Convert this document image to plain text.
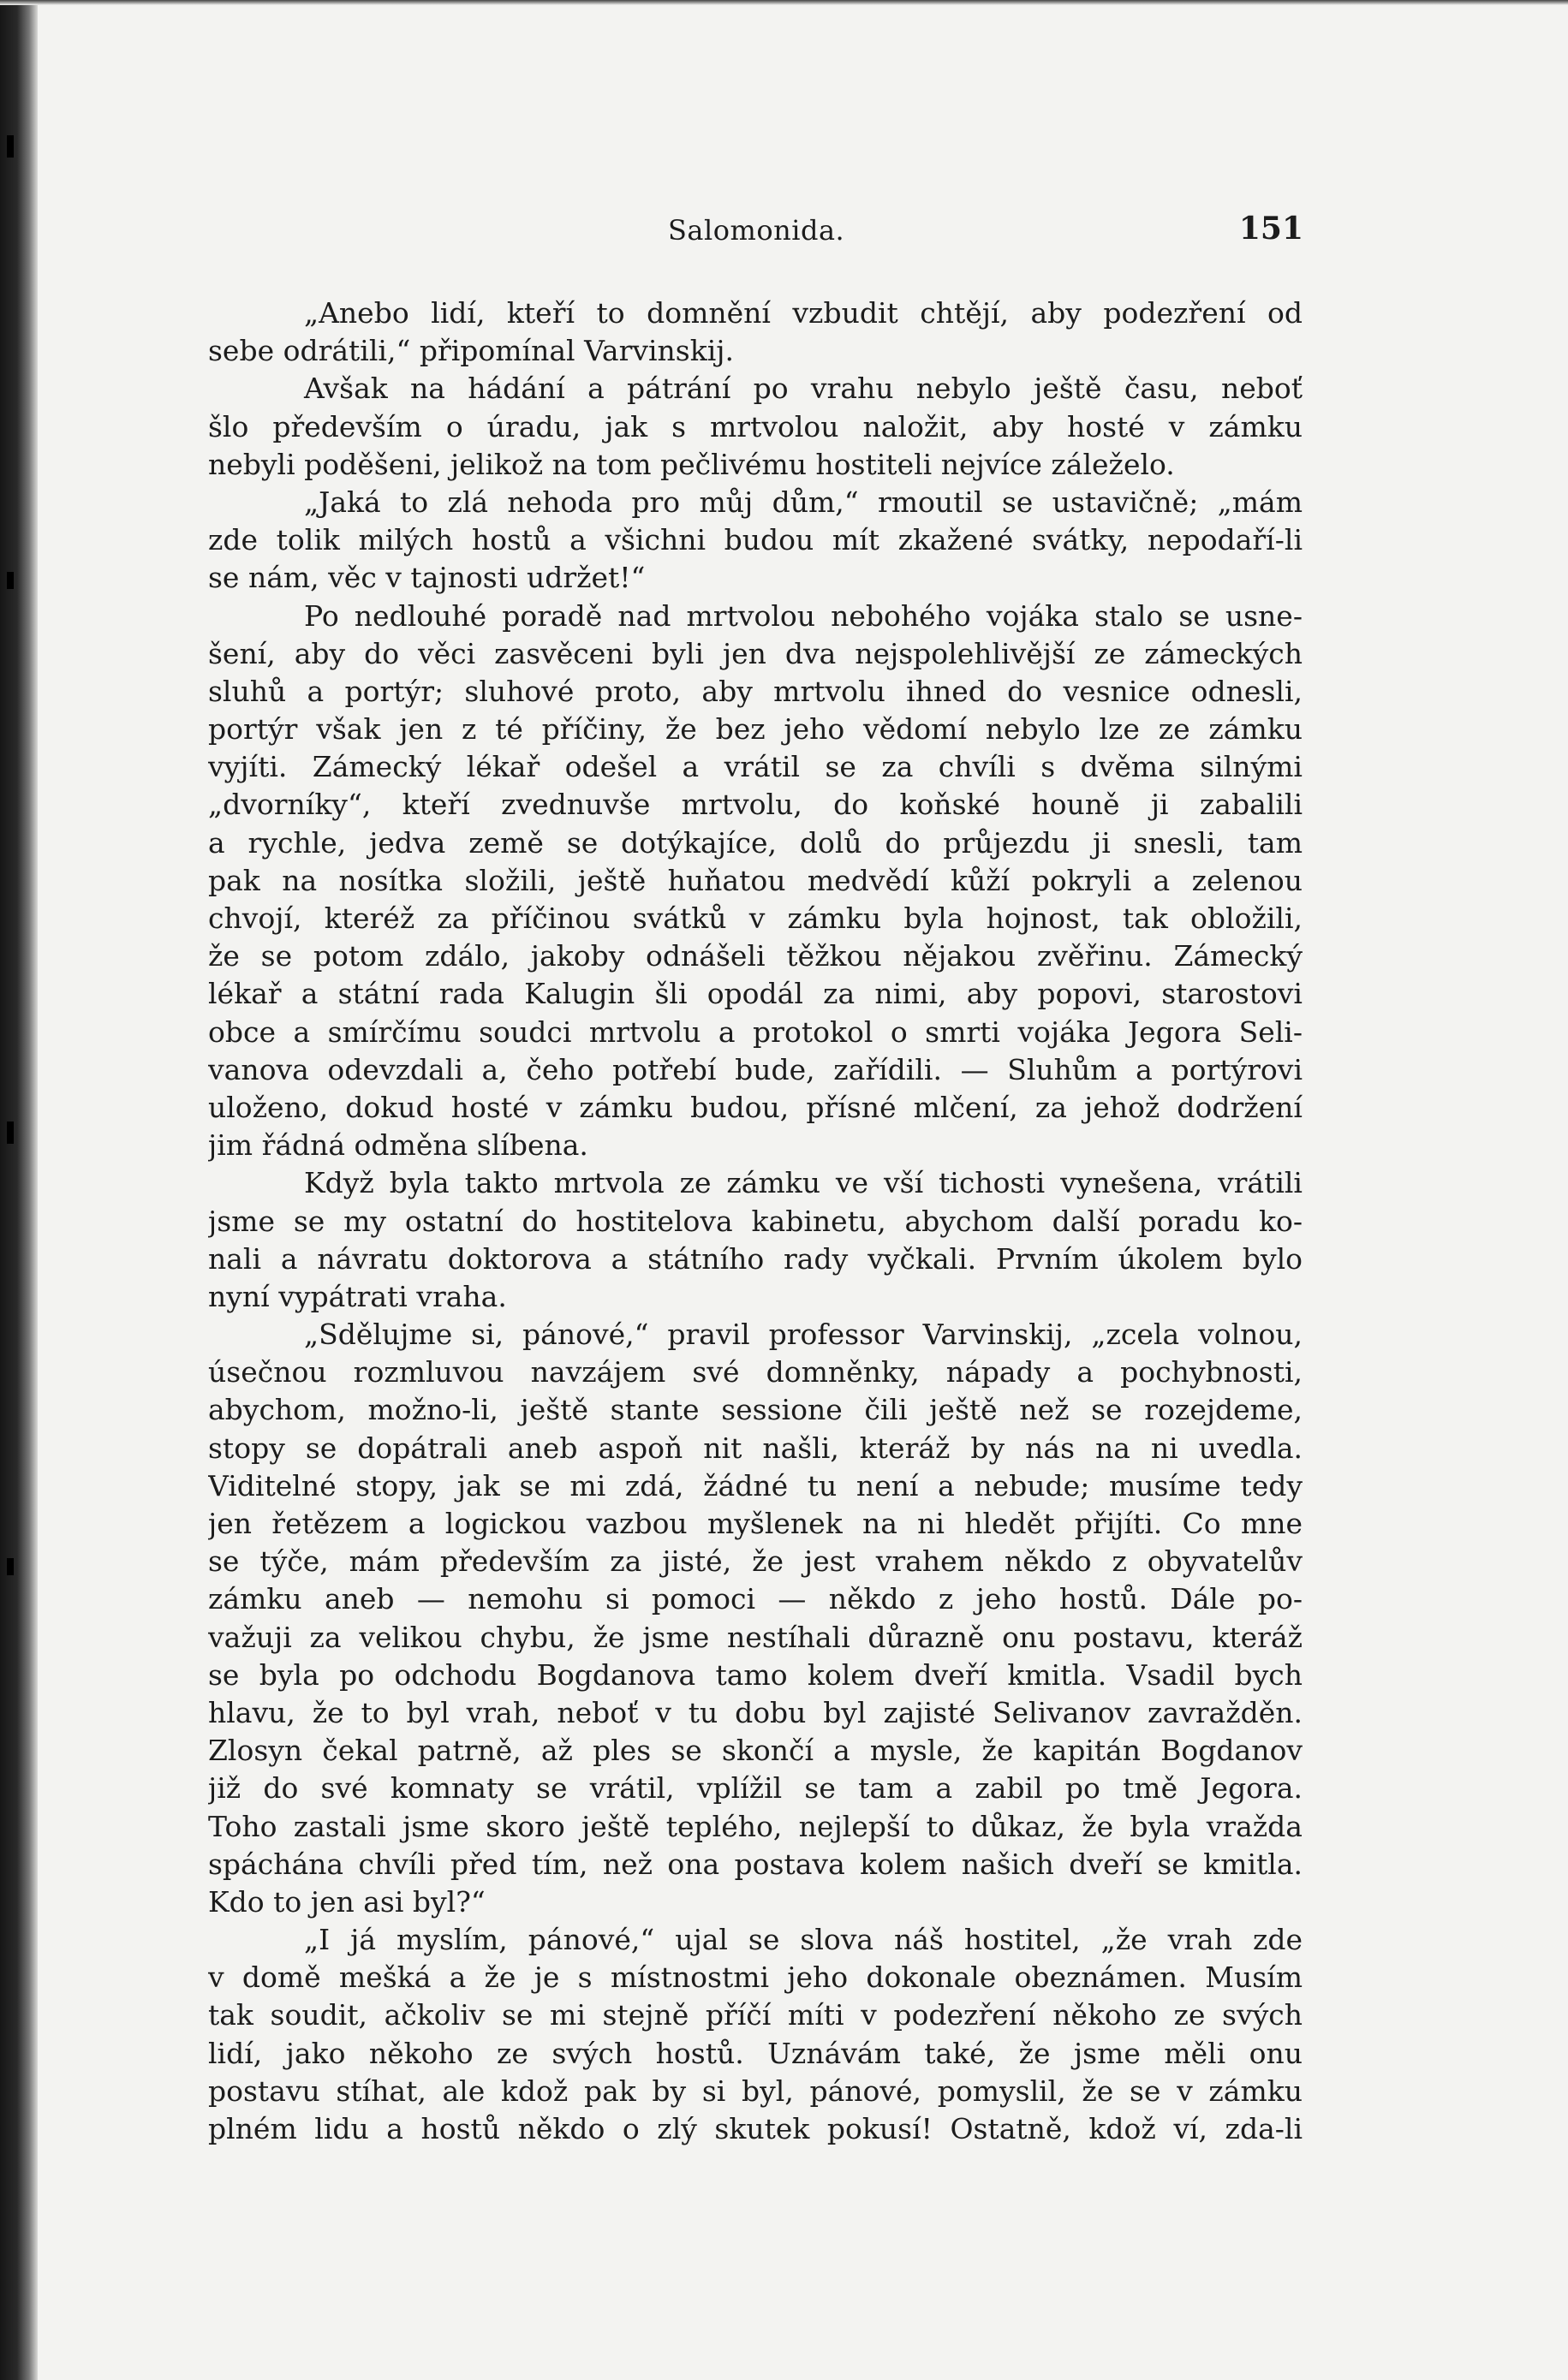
Salomonida.	151
„Anebo lidí, kteří to domnění vzbudit chtějí, aby podezření od
sebe odrátili,“ připomínal Varvinskij.
Avšak na hádání a pátrání po vrahu nebylo ještě času, neboť
šlo především o úradu, jak s mrtvolou naložit, aby hosté v zámku
nebyli poděšeni, jelikož na tom pečlivému hostiteli nejvíce záleželo.
„Jaká to zlá nehoda pro můj dům,“ rmoutil se ustavičně; „mám
zde tolik milých hostů a všichni budou mít zkažené svátky, nepodaří-li
se nám, věc v tajnosti udržet!“
Po nedlouhé poradě nad mrtvolou nebohého vojáka stalo se usne-
šení, aby do věci zasvěceni byli jen dva nejspolehlivější ze zámeckých
sluhů a portýr; sluhové proto, aby mrtvolu ihned do vesnice odnesli,
portýr však jen z té příčiny, že bez jeho vědomí nebylo lze ze zámku
vyjíti. Zámecký lékař odešel a vrátil se za chvíli s dvěma silnými
„dvorníky“, kteří zvednuvše mrtvolu, do koňské houně ji zabalili
a rychle, jedva země se dotýkajíce, dolů do průjezdu ji snesli, tam
pak na nosítka složili, ještě huňatou medvědí kůží pokryli a zelenou
chvojí, kteréž za příčinou svátků v zámku byla hojnost, tak obložili,
že se potom zdálo, jakoby odnášeli těžkou nějakou zvěřinu. Zámecký
lékař a státní rada Kalugin šli opodál za nimi, aby popovi, starostovi
obce a smírčímu soudci mrtvolu a protokol o smrti vojáka Jegora Seli-
vanova odevzdali a, čeho potřebí bude, zařídili. — Sluhům a portýrovi
uloženo, dokud hosté v zámku budou, přísné mlčení, za jehož dodržení
jim řádná odměna slíbena.
Když byla takto mrtvola ze zámku ve vší tichosti vynešena, vrátili
jsme se my ostatní do hostitelova kabinetu, abychom další poradu ko-
nali a návratu doktorova a státního rady vyčkali. Prvním úkolem bylo
nyní vypátrati vraha.
„Sdělujme si, pánové,“ pravil professor Varvinskij, „zcela volnou,
úsečnou rozmluvou navzájem své domněnky, nápady a pochybnosti,
abychom, možno-li, ještě stante sessione čili ještě než se rozejdeme,
stopy se dopátrali aneb aspoň nit našli, kteráž by nás na ni uvedla.
Viditelné stopy, jak se mi zdá, žádné tu není a nebude; musíme tedy
jen řetězem a logickou vazbou myšlenek na ni hledět přijíti. Co mne
se týče, mám především za jisté, že jest vrahem někdo z obyvatelův
zámku aneb — nemohu si pomoci — někdo z jeho hostů. Dále po-
važuji za velikou chybu, že jsme nestíhali důrazně onu postavu, kteráž
se byla po odchodu Bogdanova tamo kolem dveří kmitla. Vsadil bych
hlavu, že to byl vrah, neboť v tu dobu byl zajisté Selivanov zavražděn.
Zlosyn čekal patrně, až ples se skončí a mysle, že kapitán Bogdanov
již do své komnaty se vrátil, vplížil se tam a zabil po tmě Jegora.
Toho zastali jsme skoro ještě teplého, nejlepší to důkaz, že byla vražda
spáchána chvíli před tím, než ona postava kolem našich dveří se kmitla.
Kdo to jen asi byl?“
„I já myslím, pánové,“ ujal se slova náš hostitel, „že vrah zde
v domě mešká a že je s místnostmi jeho dokonale obeznámen. Musím
tak soudit, ačkoliv se mi stejně příčí míti v podezření někoho ze svých
lidí, jako někoho ze svých hostů. Uznávám také, že jsme měli onu
postavu stíhat, ale kdož pak by si byl, pánové, pomyslil, že se v zámku
plném lidu a hostů někdo o zlý skutek pokusí! Ostatně, kdož ví, zda-li
